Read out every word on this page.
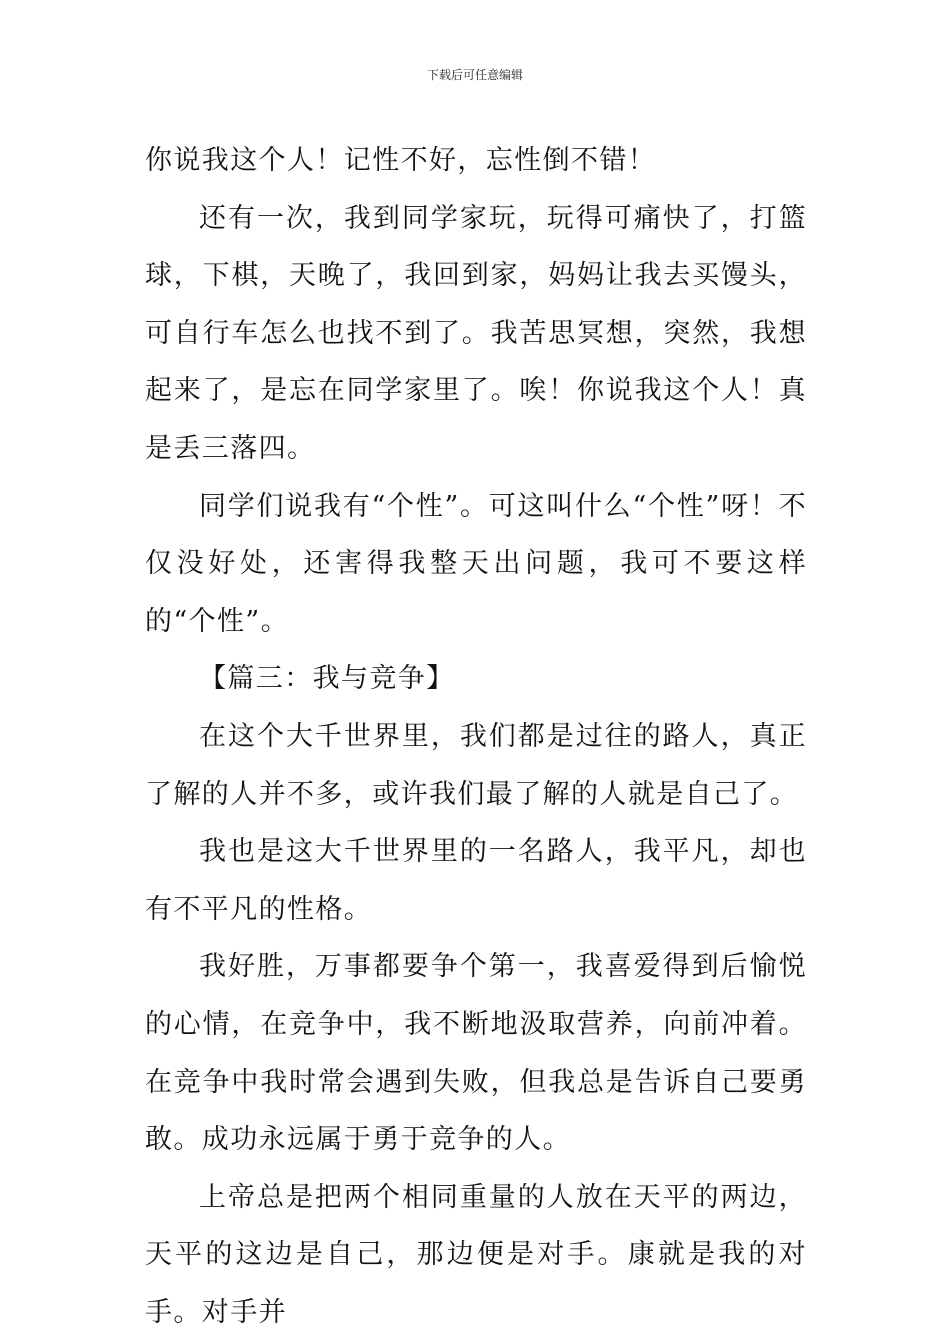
下载后可任意编辑

你说我这个人！记性不好，忘性倒不错！

还有一次，我到同学家玩，玩得可痛快了，打篮球，下棋，天晚了，我回到家，妈妈让我去买馒头，可自行车怎么也找不到了。我苦思冥想，突然，我想起来了，是忘在同学家里了。唉！你说我这个人！真是丢三落四。

同学们说我有“个性”。可这叫什么“个性”呀！不仅没好处，还害得我整天出问题，我可不要这样的“个性”。

【篇三：我与竞争】

在这个大千世界里，我们都是过往的路人，真正了解的人并不多，或许我们最了解的人就是自己了。

我也是这大千世界里的一名路人，我平凡，却也有不平凡的性格。

我好胜，万事都要争个第一，我喜爱得到后愉悦的心情，在竞争中，我不断地汲取营养，向前冲着。在竞争中我时常会遇到失败，但我总是告诉自己要勇敢。成功永远属于勇于竞争的人。

上帝总是把两个相同重量的人放在天平的两边，天平的这边是自己，那边便是对手。康就是我的对手。对手并
